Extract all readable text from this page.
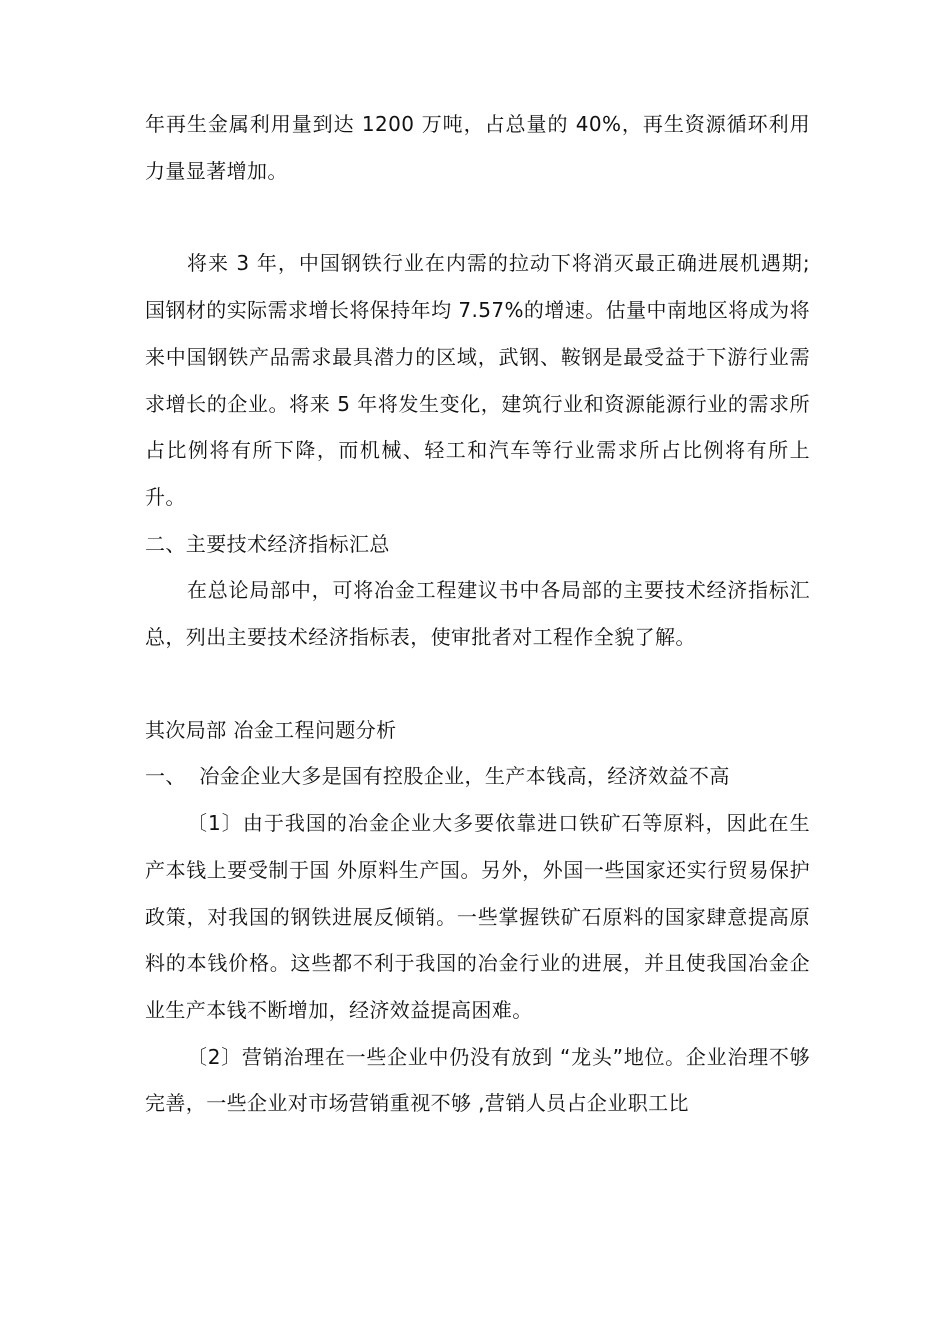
年再生金属利用量到达 1200 万吨，占总量的 40%，再生资源循环利用力量显著增加。

将来 3 年，中国钢铁行业在内需的拉动下将消灭最正确进展机遇期; 国钢材的实际需求增长将保持年均 7.57%的增速。估量中南地区将成为将来中国钢铁产品需求最具潜力的区域，武钢、鞍钢是最受益于下游行业需求增长的企业。将来 5 年将发生变化，建筑行业和资源能源行业的需求所占比例将有所下降，而机械、轻工和汽车等行业需求所占比例将有所上升。

二、主要技术经济指标汇总

在总论局部中，可将冶金工程建议书中各局部的主要技术经济指标汇总，列出主要技术经济指标表，使审批者对工程作全貌了解。

其次局部 冶金工程问题分析

一、  冶金企业大多是国有控股企业，生产本钱高，经济效益不高

〔1〕由于我国的冶金企业大多要依靠进口铁矿石等原料，因此在生产本钱上要受制于国 外原料生产国。另外，外国一些国家还实行贸易保护政策，对我国的钢铁进展反倾销。一些掌握铁矿石原料的国家肆意提高原料的本钱价格。这些都不利于我国的冶金行业的进展，并且使我国冶金企业生产本钱不断增加，经济效益提高困难。

〔2〕营销治理在一些企业中仍没有放到 “龙头”地位。企业治理不够完善，一些企业对市场营销重视不够 ,营销人员占企业职工比
